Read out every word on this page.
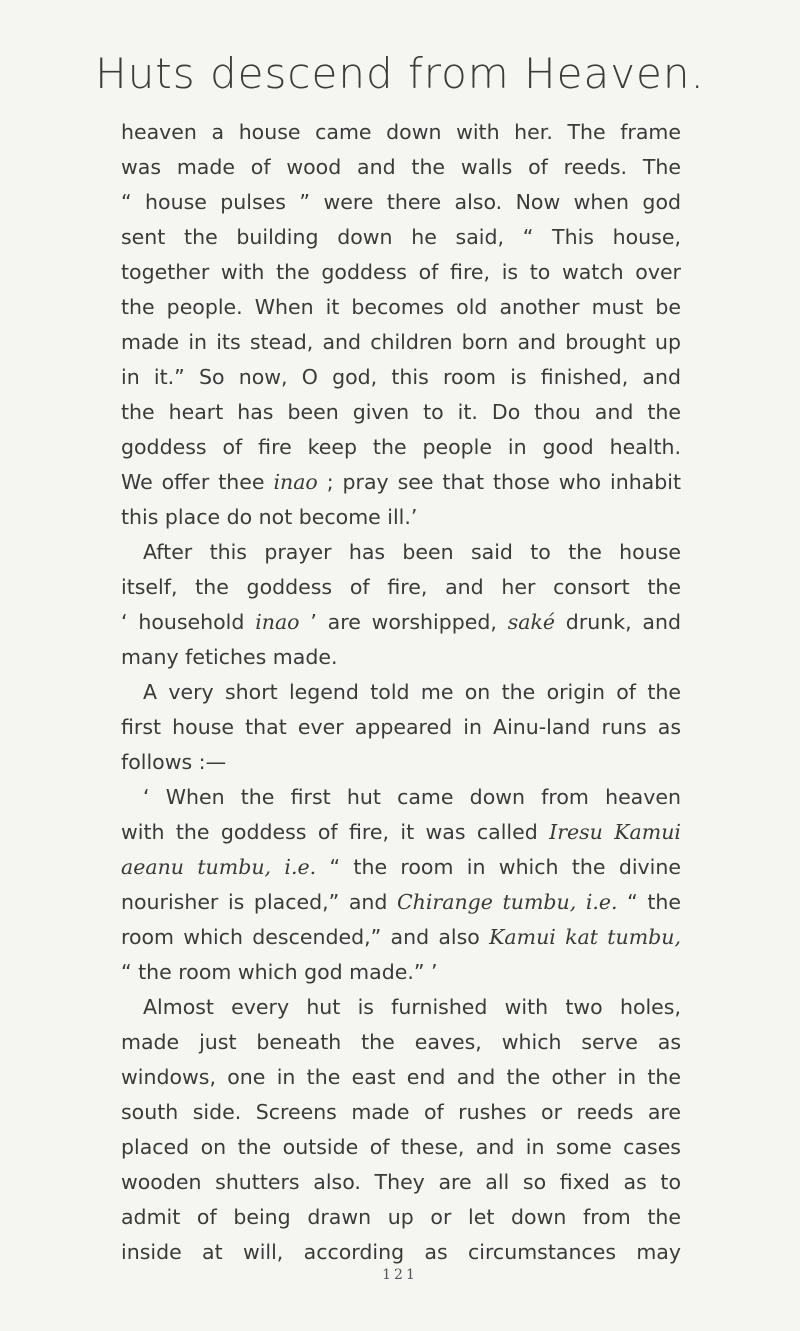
Huts descend from Heaven.
heaven a house came down with her. The frame
was made of wood and the walls of reeds. The
“ house pulses ” were there also. Now when god
sent the building down he said, “ This house,
together with the goddess of fire, is to watch over
the people. When it becomes old another must be
made in its stead, and children born and brought up
in it.” So now, O god, this room is finished, and
the heart has been given to it. Do thou and the
goddess of fire keep the people in good health.
We offer thee inao ; pray see that those who inhabit
this place do not become ill.’
After this prayer has been said to the house
itself, the goddess of fire, and her consort the
‘ household inao ’ are worshipped, saké drunk, and
many fetiches made.
A very short legend told me on the origin of the
first house that ever appeared in Ainu-land runs as
follows :—
‘ When the first hut came down from heaven
with the goddess of fire, it was called Iresu Kamui
aeanu tumbu, i.e. “ the room in which the divine
nourisher is placed,” and Chirange tumbu, i.e. “ the
room which descended,” and also Kamui kat tumbu,
“ the room which god made.” ’
Almost every hut is furnished with two holes,
made just beneath the eaves, which serve as
windows, one in the east end and the other in the
south side. Screens made of rushes or reeds are
placed on the outside of these, and in some cases
wooden shutters also. They are all so fixed as to
admit of being drawn up or let down from the
inside at will, according as circumstances may
121
